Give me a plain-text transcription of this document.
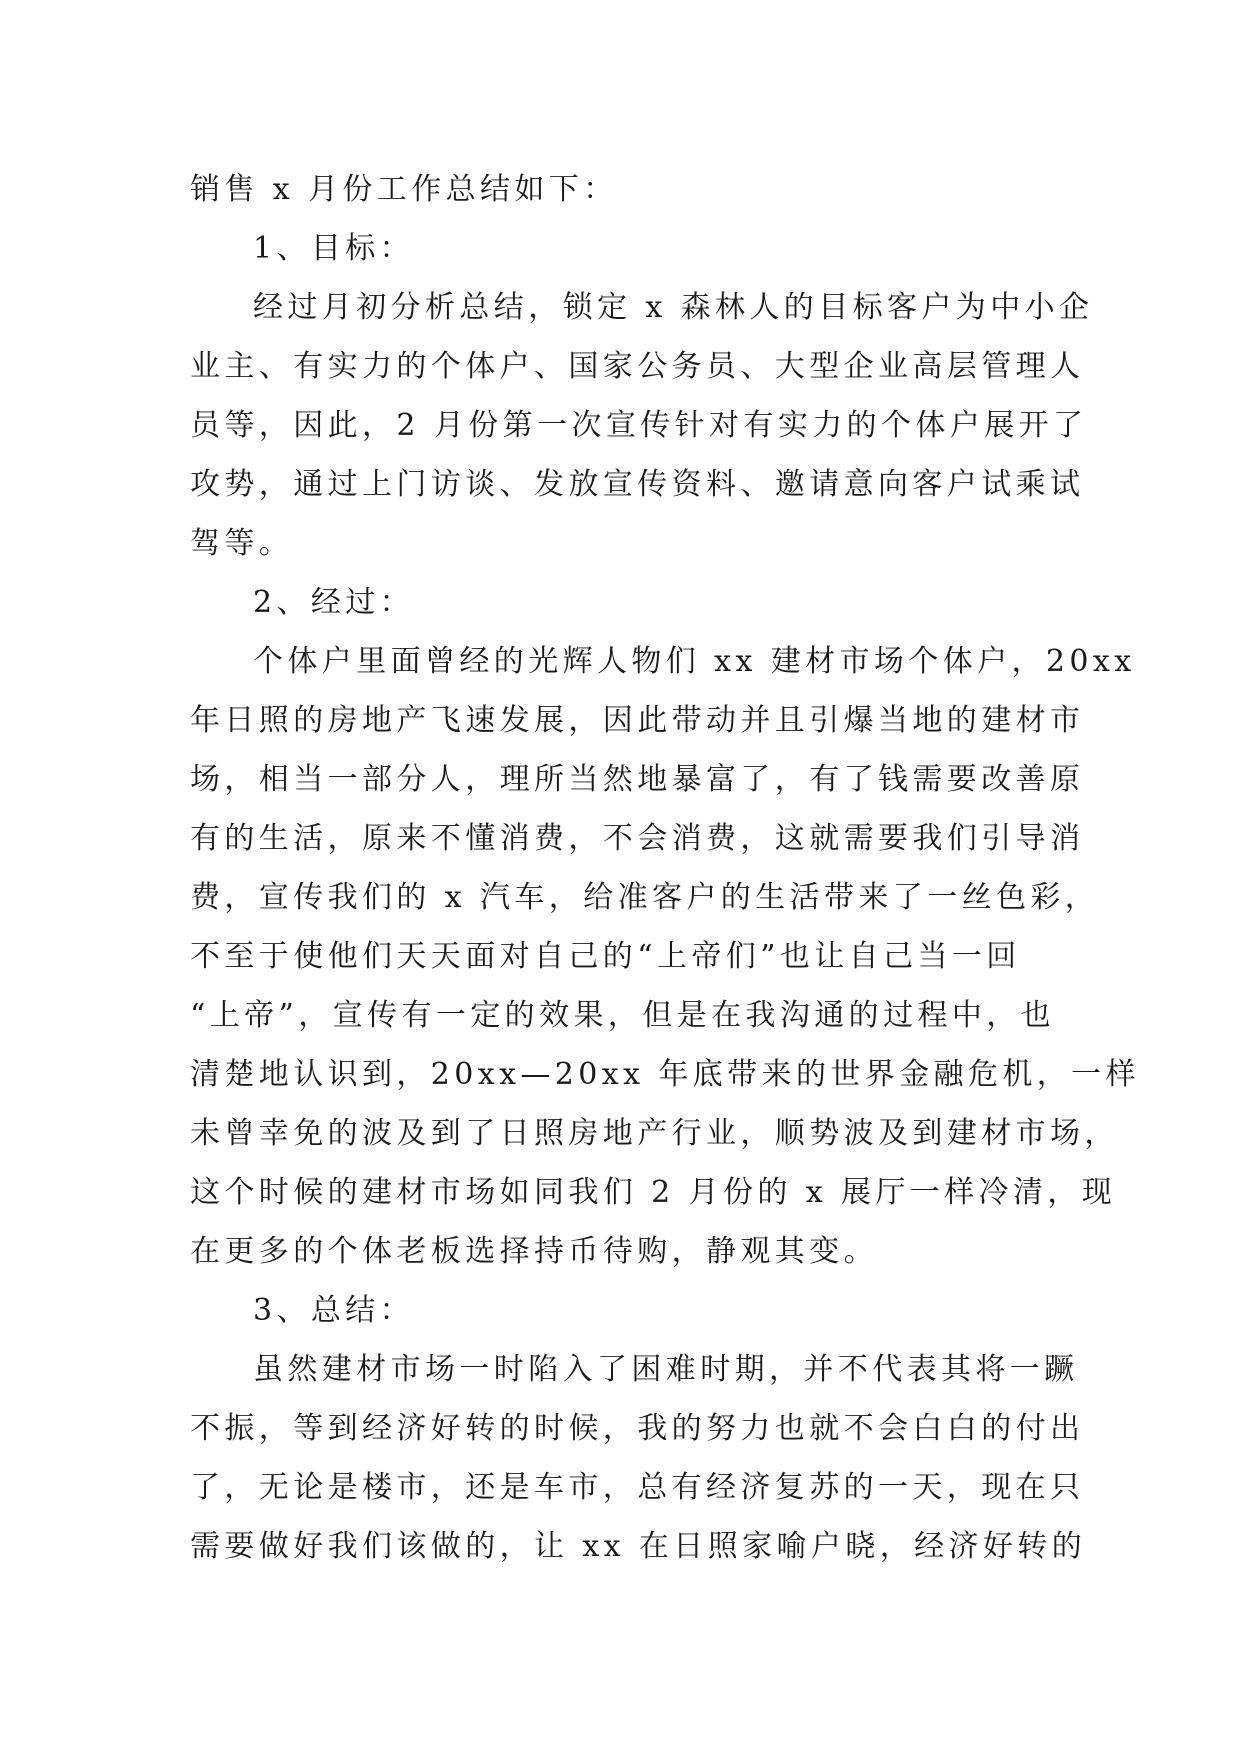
销售 x 月份工作总结如下：
1、目标：
经过月初分析总结，锁定 x 森林人的目标客户为中小企
业主、有实力的个体户、国家公务员、大型企业高层管理人
员等，因此，2 月份第一次宣传针对有实力的个体户展开了
攻势，通过上门访谈、发放宣传资料、邀请意向客户试乘试
驾等。
2、经过：
个体户里面曾经的光辉人物们 xx 建材市场个体户，20xx
年日照的房地产飞速发展，因此带动并且引爆当地的建材市
场，相当一部分人，理所当然地暴富了，有了钱需要改善原
有的生活，原来不懂消费，不会消费，这就需要我们引导消
费，宣传我们的 x 汽车，给准客户的生活带来了一丝色彩，
不至于使他们天天面对自己的“上帝们”也让自己当一回
“上帝”，宣传有一定的效果，但是在我沟通的过程中，也
清楚地认识到，20xx—20xx 年底带来的世界金融危机，一样
未曾幸免的波及到了日照房地产行业，顺势波及到建材市场，
这个时候的建材市场如同我们 2 月份的 x 展厅一样冷清，现
在更多的个体老板选择持币待购，静观其变。
3、总结：
虽然建材市场一时陷入了困难时期，并不代表其将一蹶
不振，等到经济好转的时候，我的努力也就不会白白的付出
了，无论是楼市，还是车市，总有经济复苏的一天，现在只
需要做好我们该做的，让 xx 在日照家喻户晓，经济好转的
